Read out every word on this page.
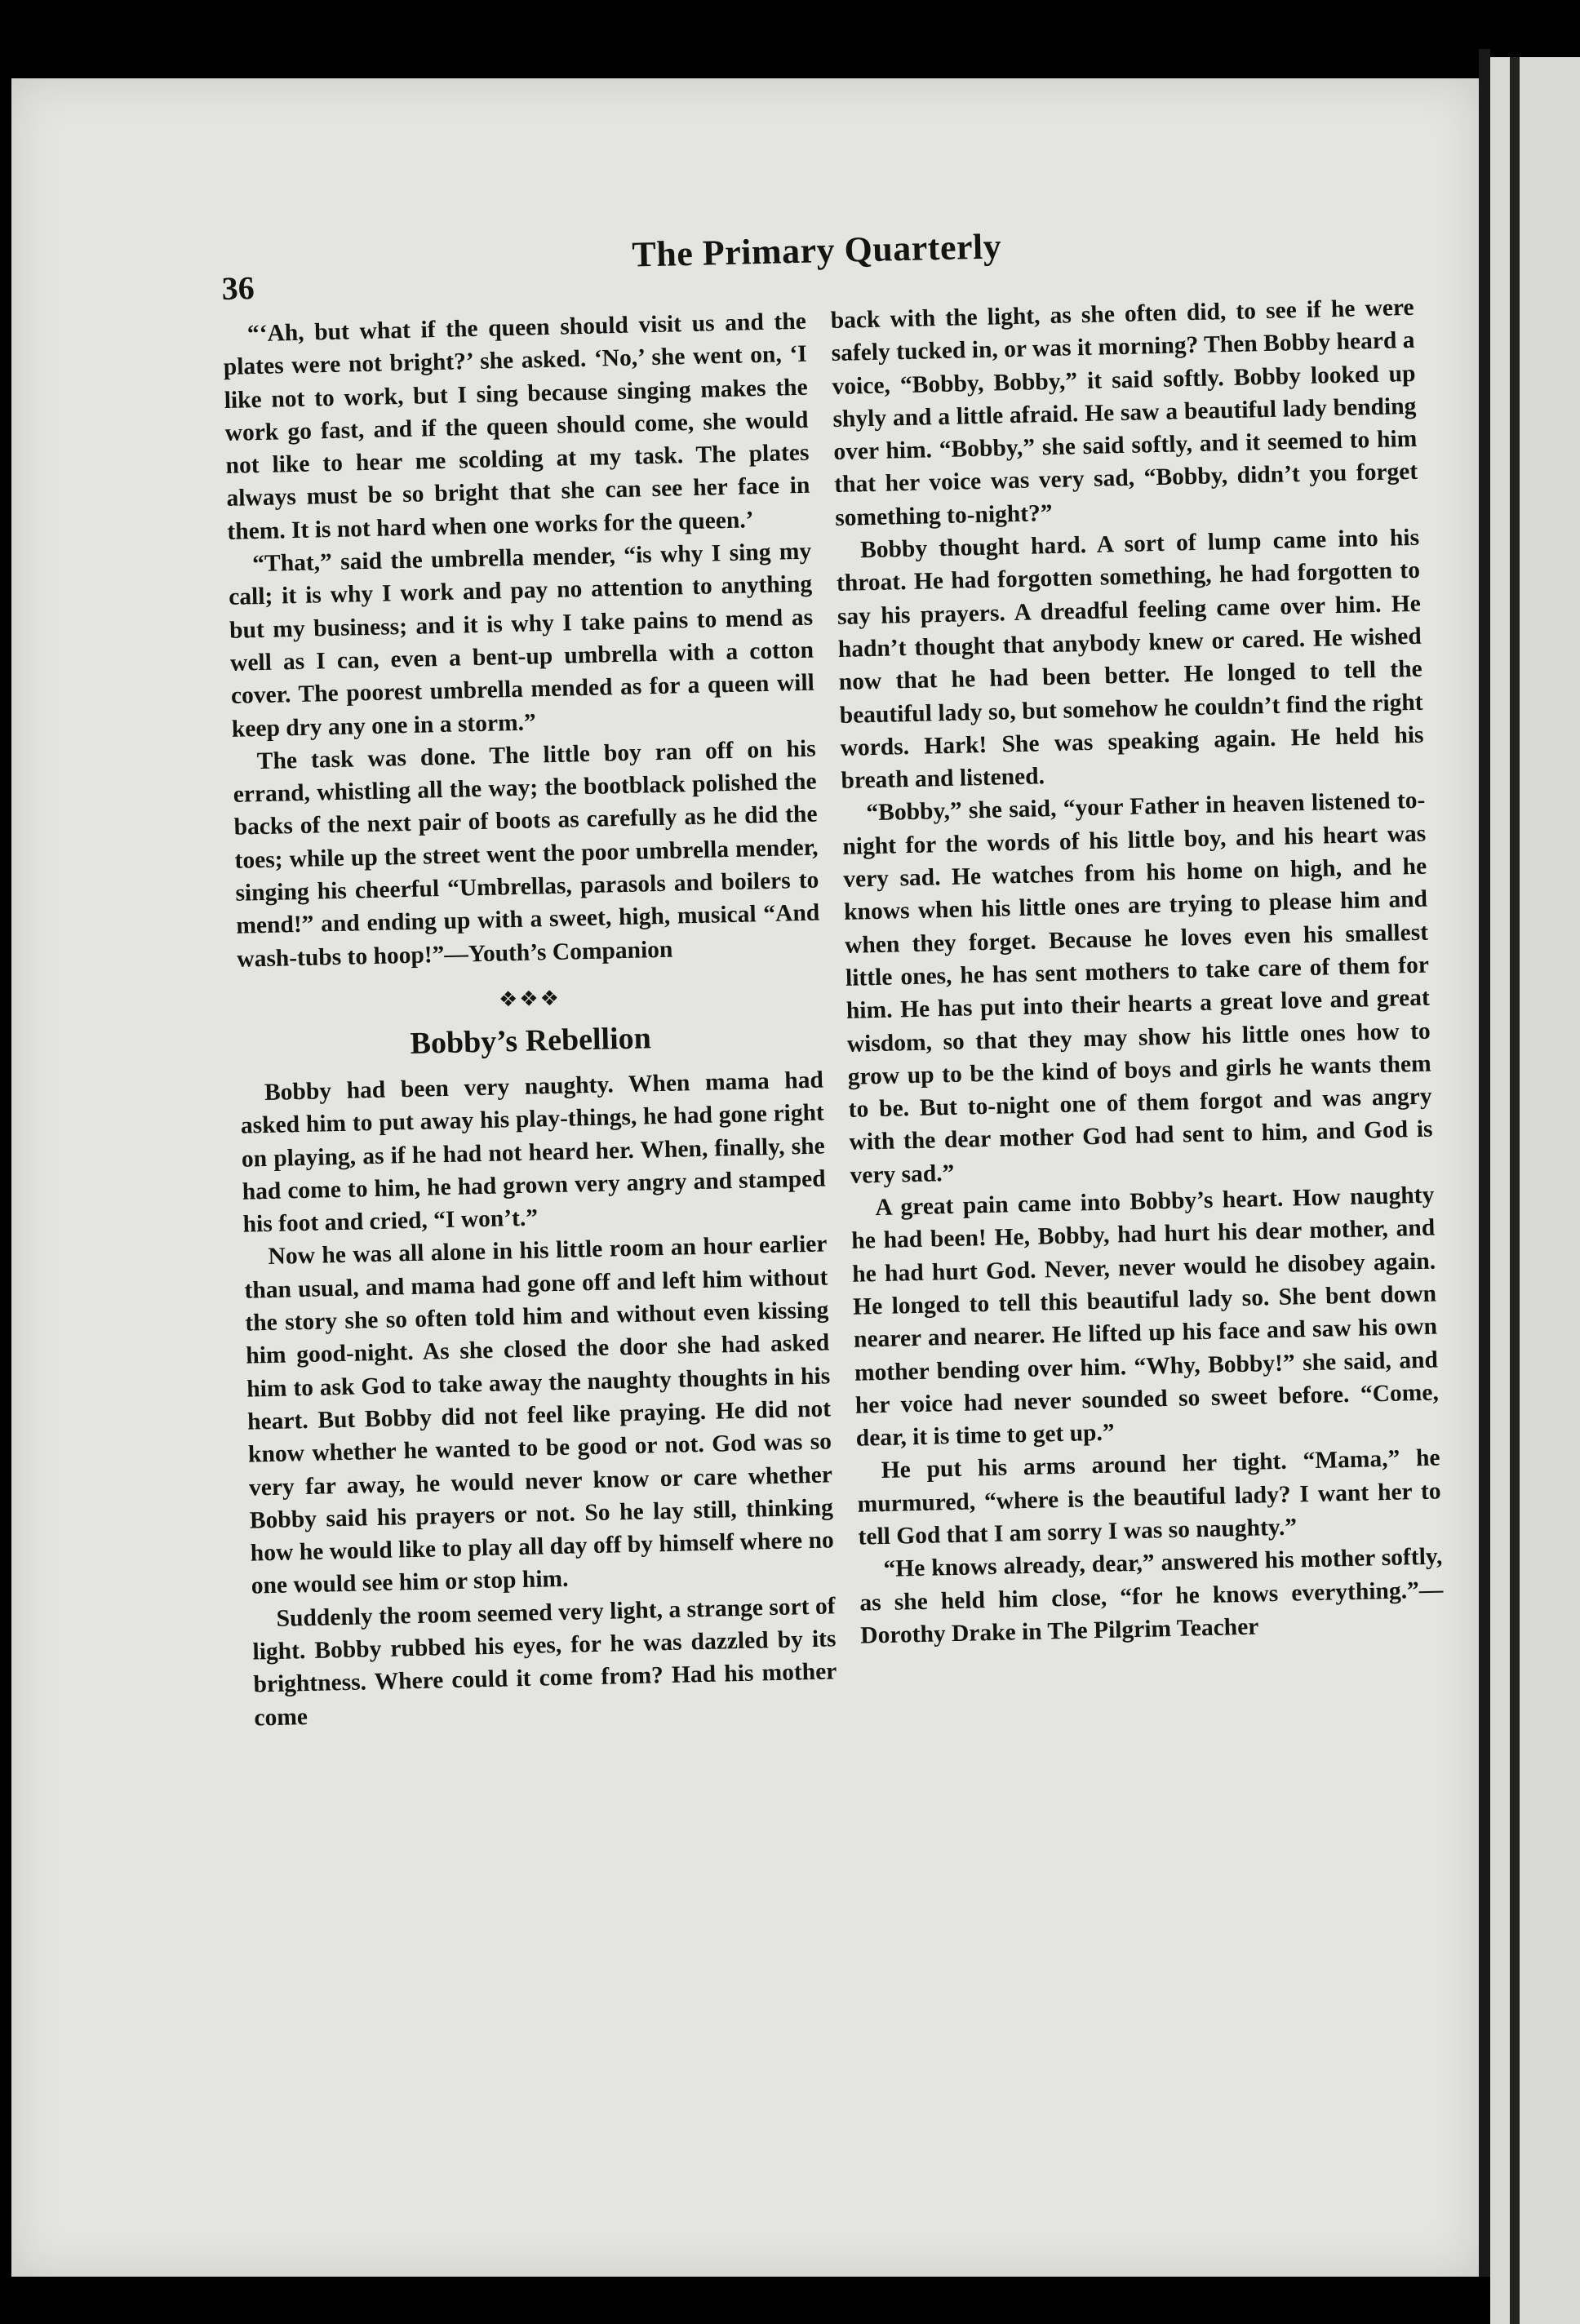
36
The Primary Quarterly

“‘Ah, but what if the queen should visit us and the plates were not bright?’ she asked. ‘No,’ she went on, ‘I like not to work, but I sing because singing makes the work go fast, and if the queen should come, she would not like to hear me scolding at my task. The plates always must be so bright that she can see her face in them. It is not hard when one works for the queen.’

“That,” said the umbrella mender, “is why I sing my call; it is why I work and pay no attention to anything but my business; and it is why I take pains to mend as well as I can, even a bent-up umbrella with a cotton cover. The poorest umbrella mended as for a queen will keep dry any one in a storm.”

The task was done. The little boy ran off on his errand, whistling all the way; the bootblack polished the backs of the next pair of boots as carefully as he did the toes; while up the street went the poor umbrella mender, singing his cheerful “Umbrellas, parasols and boilers to mend!” and ending up with a sweet, high, musical “And wash-tubs to hoop!”—Youth’s Companion

❖❖❖
Bobby’s Rebellion

Bobby had been very naughty. When mama had asked him to put away his play-things, he had gone right on playing, as if he had not heard her. When, finally, she had come to him, he had grown very angry and stamped his foot and cried, “I won’t.”

Now he was all alone in his little room an hour earlier than usual, and mama had gone off and left him without the story she so often told him and without even kissing him good-night. As she closed the door she had asked him to ask God to take away the naughty thoughts in his heart. But Bobby did not feel like praying. He did not know whether he wanted to be good or not. God was so very far away, he would never know or care whether Bobby said his prayers or not. So he lay still, thinking how he would like to play all day off by himself where no one would see him or stop him.

Suddenly the room seemed very light, a strange sort of light. Bobby rubbed his eyes, for he was dazzled by its brightness. Where could it come from? Had his mother come

back with the light, as she often did, to see if he were safely tucked in, or was it morning? Then Bobby heard a voice, “Bobby, Bobby,” it said softly. Bobby looked up shyly and a little afraid. He saw a beautiful lady bending over him. “Bobby,” she said softly, and it seemed to him that her voice was very sad, “Bobby, didn’t you forget something to-night?”

Bobby thought hard. A sort of lump came into his throat. He had forgotten something, he had forgotten to say his prayers. A dreadful feeling came over him. He hadn’t thought that anybody knew or cared. He wished now that he had been better. He longed to tell the beautiful lady so, but somehow he couldn’t find the right words. Hark! She was speaking again. He held his breath and listened.

“Bobby,” she said, “your Father in heaven listened to-night for the words of his little boy, and his heart was very sad. He watches from his home on high, and he knows when his little ones are trying to please him and when they forget. Because he loves even his smallest little ones, he has sent mothers to take care of them for him. He has put into their hearts a great love and great wisdom, so that they may show his little ones how to grow up to be the kind of boys and girls he wants them to be. But to-night one of them forgot and was angry with the dear mother God had sent to him, and God is very sad.”

A great pain came into Bobby’s heart. How naughty he had been! He, Bobby, had hurt his dear mother, and he had hurt God. Never, never would he disobey again. He longed to tell this beautiful lady so. She bent down nearer and nearer. He lifted up his face and saw his own mother bending over him. “Why, Bobby!” she said, and her voice had never sounded so sweet before. “Come, dear, it is time to get up.”

He put his arms around her tight. “Mama,” he murmured, “where is the beautiful lady? I want her to tell God that I am sorry I was so naughty.”

“He knows already, dear,” answered his mother softly, as she held him close, “for he knows everything.”—Dorothy Drake in The Pilgrim Teacher
